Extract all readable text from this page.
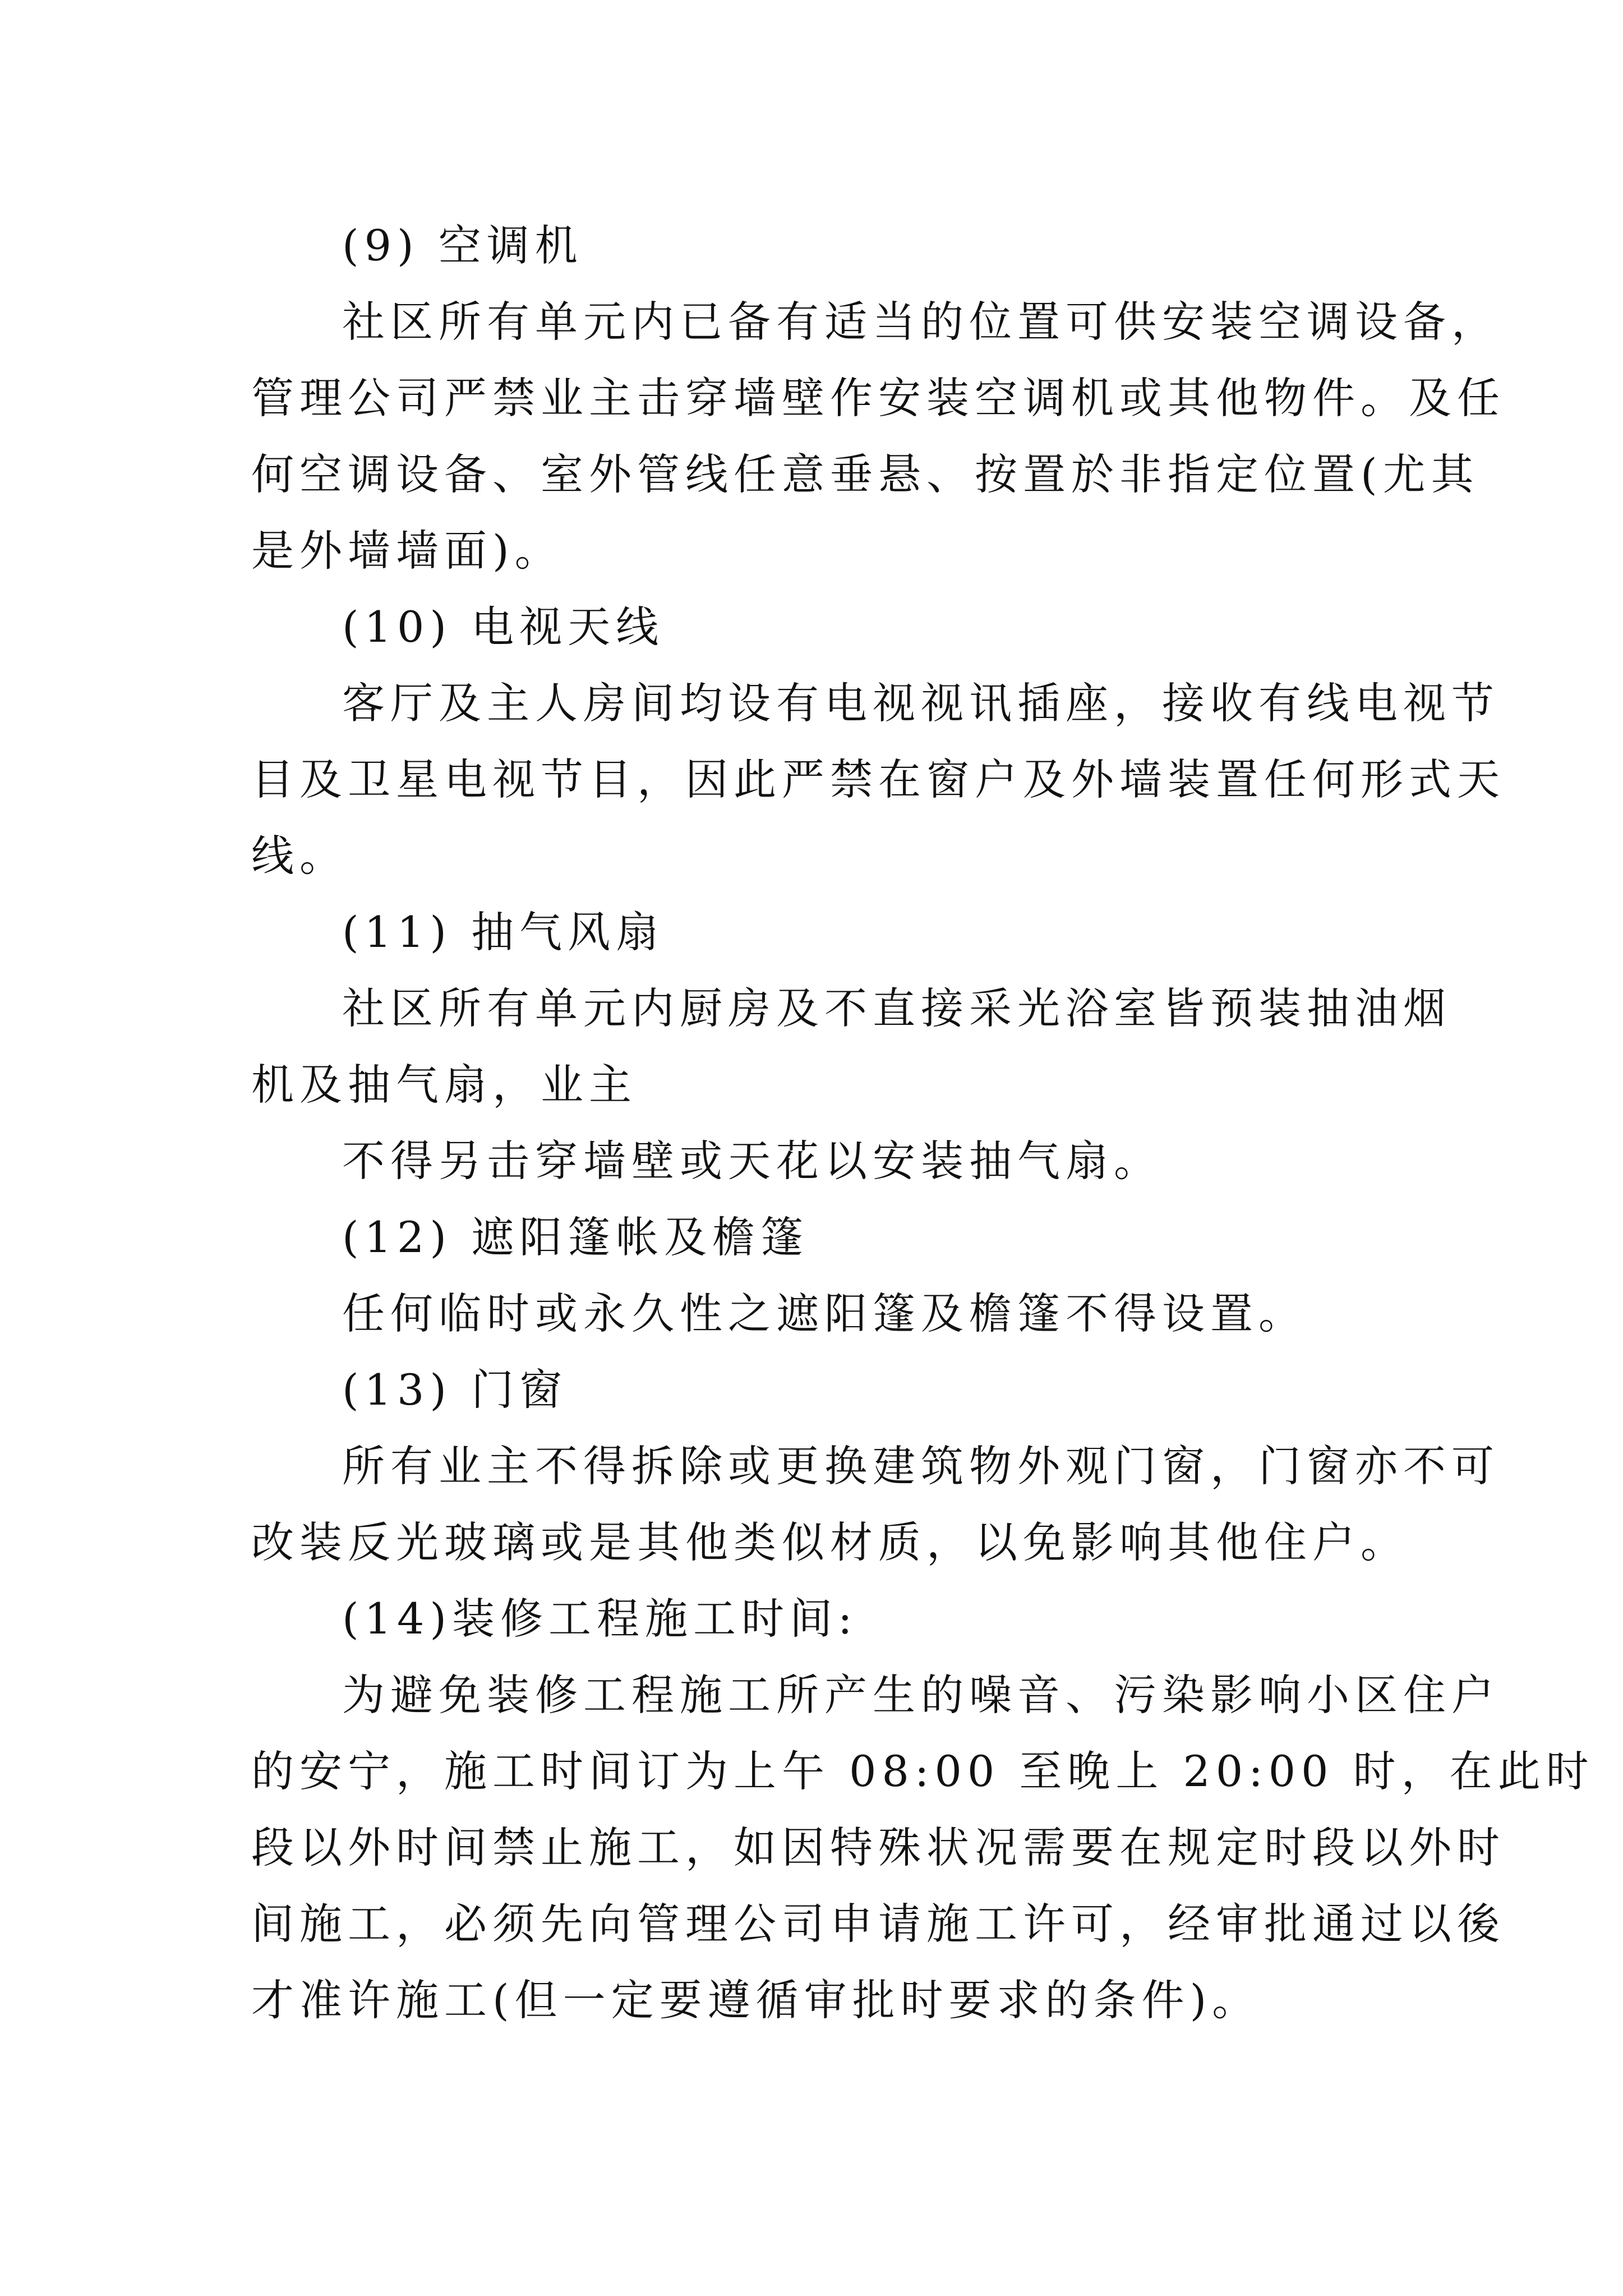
(9) 空调机
社区所有单元内已备有适当的位置可供安装空调设备，
管理公司严禁业主击穿墙壁作安装空调机或其他物件。及任
何空调设备、室外管线任意垂悬、按置於非指定位置(尤其
是外墙墙面)。
(10) 电视天线
客厅及主人房间均设有电视视讯插座，接收有线电视节
目及卫星电视节目，因此严禁在窗户及外墙装置任何形式天
线。
(11) 抽气风扇
社区所有单元内厨房及不直接采光浴室皆预装抽油烟
机及抽气扇，业主
不得另击穿墙壁或天花以安装抽气扇。
(12) 遮阳篷帐及檐篷
任何临时或永久性之遮阳篷及檐篷不得设置。
(13) 门窗
所有业主不得拆除或更换建筑物外观门窗，门窗亦不可
改装反光玻璃或是其他类似材质，以免影响其他住户。
(14)装修工程施工时间:
为避免装修工程施工所产生的噪音、污染影响小区住户
的安宁，施工时间订为上午 08:00 至晚上 20:00 时，在此时
段以外时间禁止施工，如因特殊状况需要在规定时段以外时
间施工，必须先向管理公司申请施工许可，经审批通过以後
才准许施工(但一定要遵循审批时要求的条件)。
